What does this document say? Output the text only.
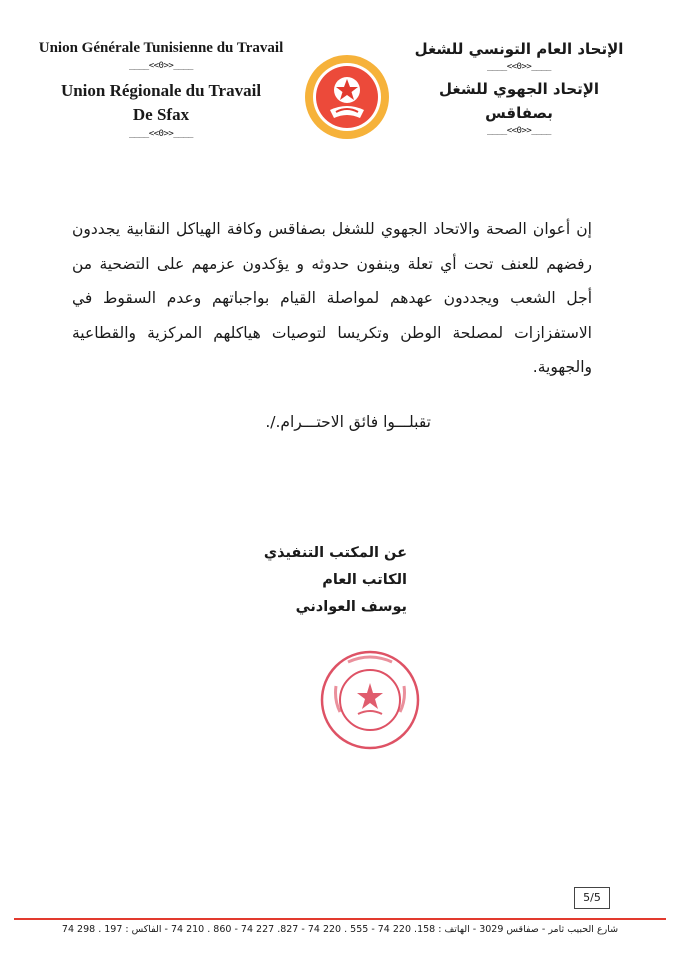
Union Générale Tunisienne du Travail
____<<0>>____
Union Régionale du Travail
De Sfax
____<<0>>____
الإتحاد العام التونسي للشغل
____<<0>>____
الإتحاد الجهوي للشغل
بصفاقس
____<<0>>____
إن أعوان الصحة والاتحاد الجهوي للشغل بصفاقس وكافة الهياكل النقابية يجددون رفضهم للعنف تحت أي تعلة وينفون حدوثه و يؤكدون عزمهم على التضحية من أجل الشعب ويجددون عهدهم لمواصلة القيام بواجباتهم وعدم السقوط في الاستفزازات لمصلحة الوطن وتكريسا لتوصيات هياكلهم المركزية والقطاعية والجهوية.
تقبلـــوا فائق الاحتـــرام./.
عن المكتب التنفيذي
الكاتب العام
يوسف العوادني
5/5
شارع الحبيب ثامر - صفاقس 3029 - الهاتف : 158. 220 74 - 555 . 220 74 - 827. 227 74 - 860 . 210 74 - الفاكس : 197 . 298 74
